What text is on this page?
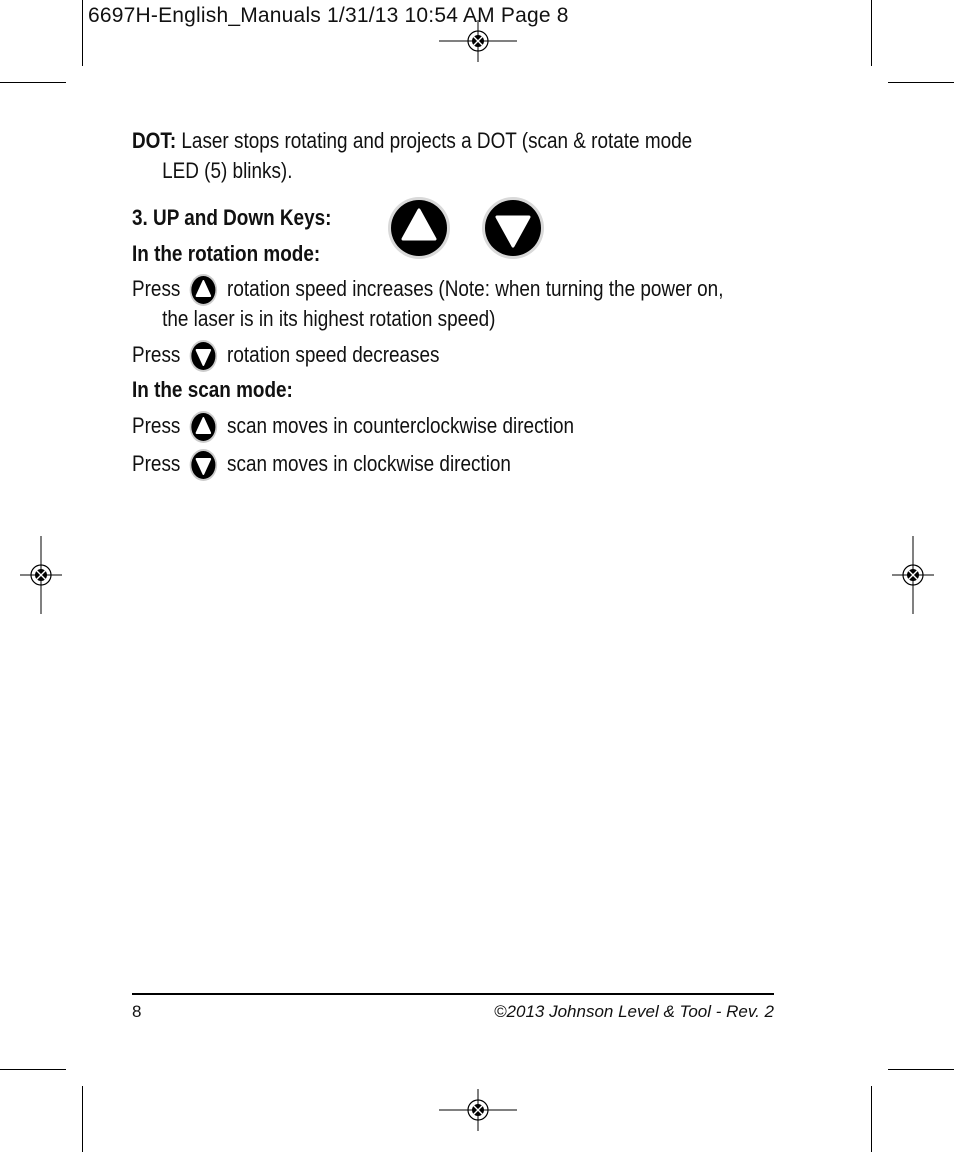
6697H-English_Manuals 1/31/13 10:54 AM Page 8
DOT: Laser stops rotating and projects a DOT (scan & rotate mode
LED (5) blinks).
3. UP and Down Keys:
In the rotation mode:
Press rotation speed increases (Note: when turning the power on,
the laser is in its highest rotation speed)
Press rotation speed decreases
In the scan mode:
Press scan moves in counterclockwise direction
Press scan moves in clockwise direction
8	©2013 Johnson Level & Tool - Rev. 2
